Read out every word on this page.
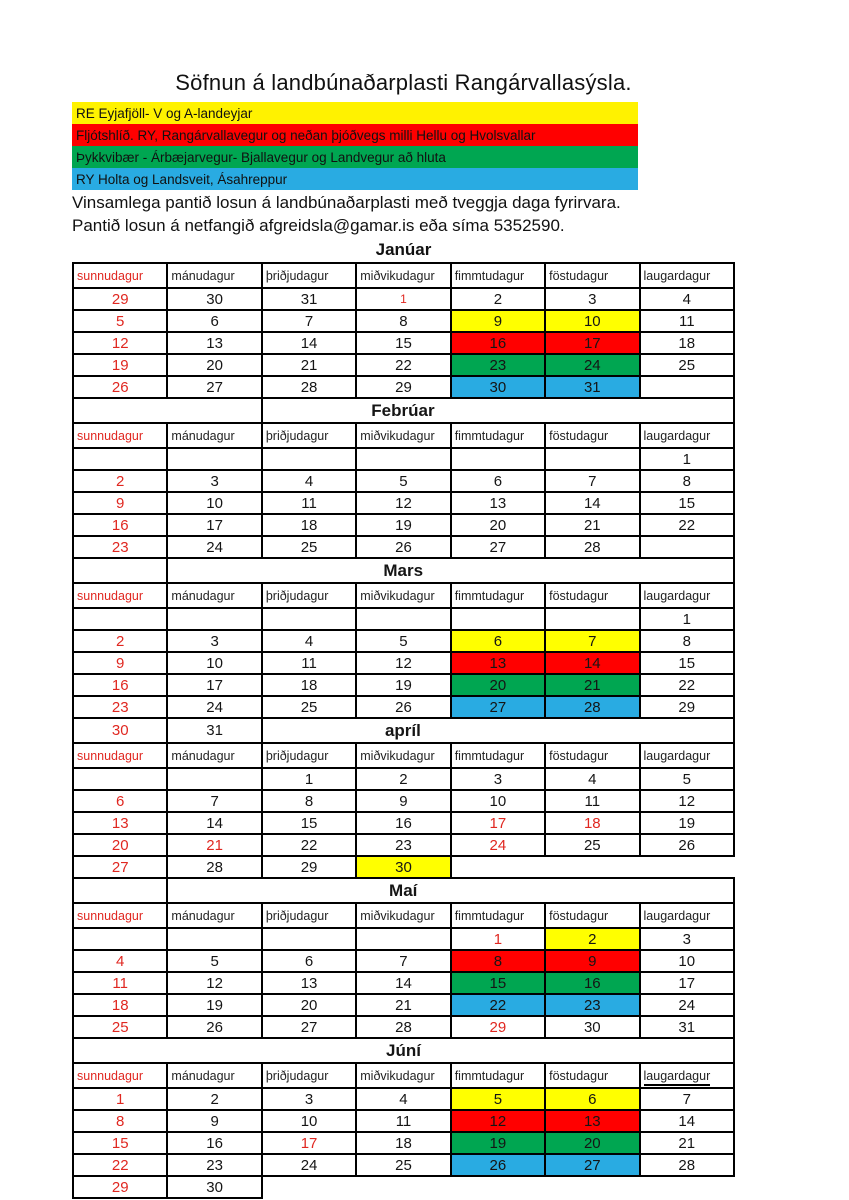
Söfnun á landbúnaðarplasti Rangárvallasýsla.
RE Eyjafjöll- V og A-landeyjar
Fljótshlíð. RY, Rangárvallavegur og neðan þjóðvegs milli Hellu og Hvolsvallar
Þykkvibær - Árbæjarvegur- Bjallavegur og Landvegur að hluta
RY Holta og Landsveit, Ásahreppur

Vinsamlega pantið losun á landbúnaðarplasti með tveggja daga fyrirvara.

Pantið losun á netfangið afgreidsla@gamar.is eða síma 5352590.

Janúar
sunnudagur	mánudagur	þriðjudagur	miðvikudagur	fimmtudagur	föstudagur	laugardagur
29	30	31	1	2	3	4
5	6	7	8	9	10	11
12	13	14	15	16	17	18
19	20	21	22	23	24	25
26	27	28	29	30	31	
		Febrúar				
sunnudagur	mánudagur	þriðjudagur	miðvikudagur	fimmtudagur	föstudagur	laugardagur
						1
2	3	4	5	6	7	8
9	10	11	12	13	14	15
16	17	18	19	20	21	22
23	24	25	26	27	28	
	Mars					
sunnudagur	mánudagur	þriðjudagur	miðvikudagur	fimmtudagur	föstudagur	laugardagur
						1
2	3	4	5	6	7	8
9	10	11	12	13	14	15
16	17	18	19	20	21	22
23	24	25	26	27	28	29
30	31	apríl				
sunnudagur	mánudagur	þriðjudagur	miðvikudagur	fimmtudagur	föstudagur	laugardagur
		1	2	3	4	5
6	7	8	9	10	11	12
13	14	15	16	17	18	19
20	21	22	23	24	25	26
27	28	29	30			
	Maí					
sunnudagur	mánudagur	þriðjudagur	miðvikudagur	fimmtudagur	föstudagur	laugardagur
				1	2	3
4	5	6	7	8	9	10
11	12	13	14	15	16	17
18	19	20	21	22	23	24
25	26	27	28	29	30	31
Júní						
sunnudagur	mánudagur	þriðjudagur	miðvikudagur	fimmtudagur	föstudagur	laugardagur
1	2	3	4	5	6	7
8	9	10	11	12	13	14
15	16	17	18	19	20	21
22	23	24	25	26	27	28
29	30					
